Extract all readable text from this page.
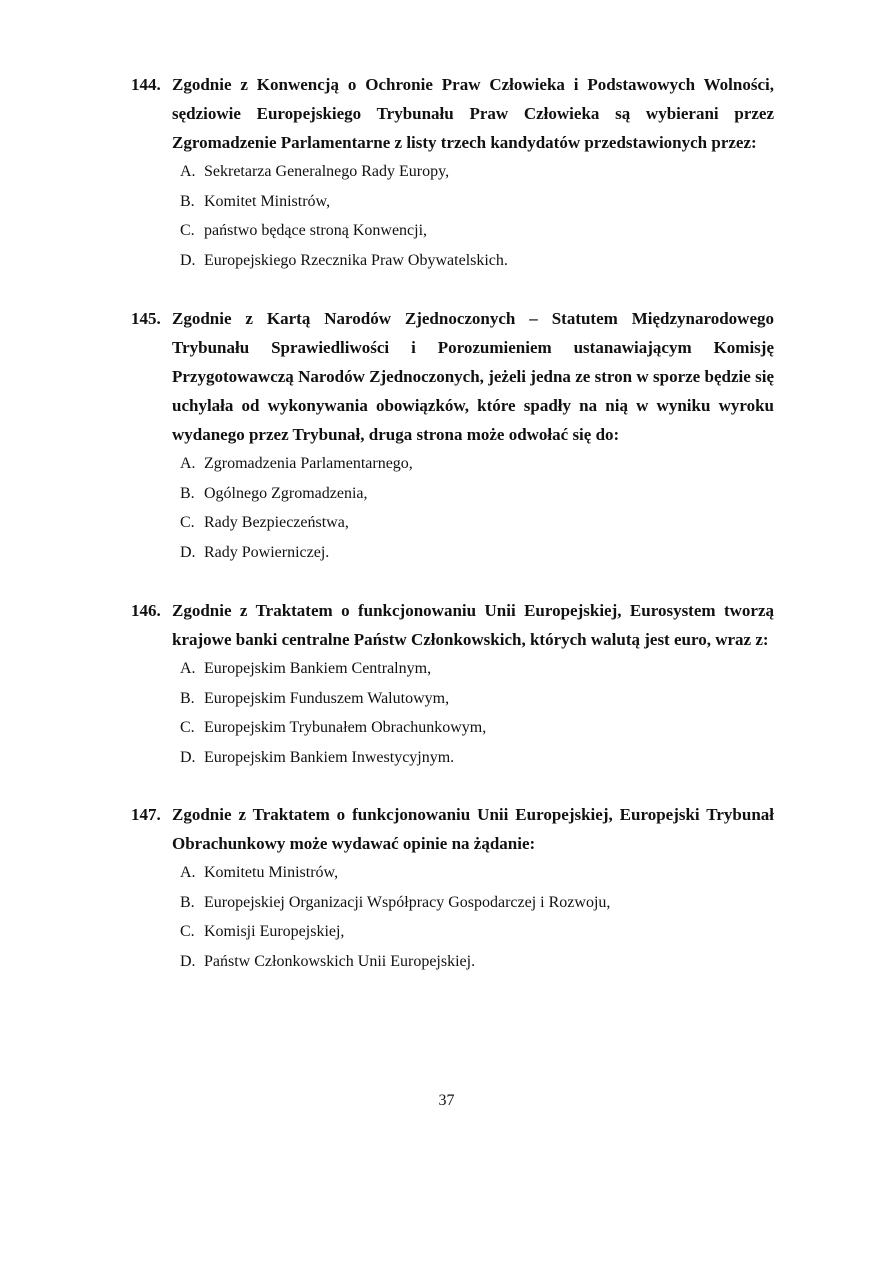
144. Zgodnie z Konwencją o Ochronie Praw Człowieka i Podstawowych Wolności, sędziowie Europejskiego Trybunału Praw Człowieka są wybierani przez Zgromadzenie Parlamentarne z listy trzech kandydatów przedstawionych przez:
A. Sekretarza Generalnego Rady Europy,
B. Komitet Ministrów,
C. państwo będące stroną Konwencji,
D. Europejskiego Rzecznika Praw Obywatelskich.
145. Zgodnie z Kartą Narodów Zjednoczonych – Statutem Międzynarodowego Trybunału Sprawiedliwości i Porozumieniem ustanawiającym Komisję Przygotowawczą Narodów Zjednoczonych, jeżeli jedna ze stron w sporze będzie się uchylała od wykonywania obowiązków, które spadły na nią w wyniku wyroku wydanego przez Trybunał, druga strona może odwołać się do:
A. Zgromadzenia Parlamentarnego,
B. Ogólnego Zgromadzenia,
C. Rady Bezpieczeństwa,
D. Rady Powierniczej.
146. Zgodnie z Traktatem o funkcjonowaniu Unii Europejskiej, Eurosystem tworzą krajowe banki centralne Państw Członkowskich, których walutą jest euro, wraz z:
A. Europejskim Bankiem Centralnym,
B. Europejskim Funduszem Walutowym,
C. Europejskim Trybunałem Obrachunkowym,
D. Europejskim Bankiem Inwestycyjnym.
147. Zgodnie z Traktatem o funkcjonowaniu Unii Europejskiej, Europejski Trybunał Obrachunkowy może wydawać opinie na żądanie:
A. Komitetu Ministrów,
B. Europejskiej Organizacji Współpracy Gospodarczej i Rozwoju,
C. Komisji Europejskiej,
D. Państw Członkowskich Unii Europejskiej.
37
